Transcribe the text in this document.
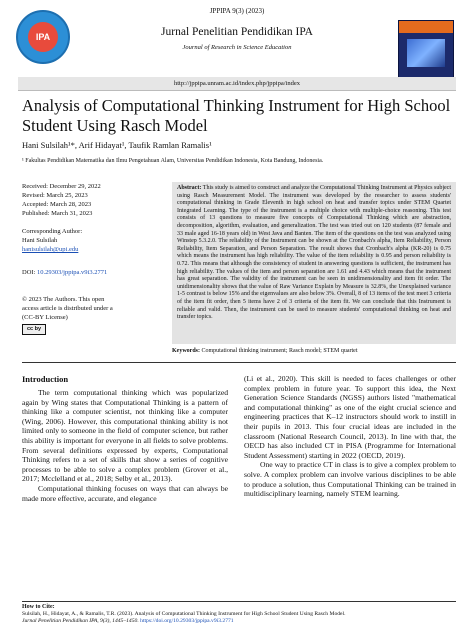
IPA
JPPIPA 9(3) (2023)
Jurnal Penelitian Pendidikan IPA
Journal of Research in Science Education
http://jppipa.unram.ac.id/index.php/jppipa/index
Analysis of Computational Thinking Instrument for High School Student Using Rasch Model
Hani Sulsilah¹*, Arif Hidayat¹, Taufik Ramlan Ramalis¹
¹ Fakultas Pendidikan Matematika dan Ilmu Pengetahuan Alam, Universitas Pendidikan Indonesia, Kota Bandung, Indonesia.

Received: December 29, 2022

Revised: March 25, 2023

Accepted: March 28, 2023

Published: March 31, 2023

Corresponding Author:

Hani Sulsilah

hanisulsilah@upi.edu

DOI: 10.29303/jppipa.v9i3.2771

© 2023 The Authors. This open access article is distributed under a (CC-BY License)

cc by
Abstract: This study is aimed to construct and analyze the Computational Thinking Instrument at Physics subject using Rasch Measurement Model. The instrument was developed by the researcher to assess students' computational thinking in Grade Eleventh in high school on heat and transfer topics under STEM Quartet Integrated Learning. The type of the instrument is a multiple choice with multiple-choice reasoning. This test consists of 13 questions to measure five concepts of Computational Thinking which are abstraction, decomposition, algorithm, evaluation, and generalization. The test was tried out on 120 students (87 female and 33 male aged 16-18 years old) in West Java and Banten. The item of the questions on the test was analyzed using Winstep 5.3.2.0. The reliability of the Instrument can be shown at the Cronbach's alpha, Item Reliability, Person Reliability, Item Separation, and Person Separation. The result shows that Cronbach's alpha (KR-20) is 0.75 which means the instrument has high reliability. The value of the item reliability is 0.95 and person reliability is 0.72. This means that although the consistency of student in answering questions is sufficient, the instrument has high reliability. The values of the item and person separation are 1.61 and 4.43 which means that the instrument has great separation. The validity of the instrument can be seen in unidimensionality and item fit order. The unidimensionality shows that the value of Raw Variance Explain by Measure is 32.8%, the Unexplained variance 1-5 contrast is below 15% and the eigenvalues are also below 3%. Overall, 8 of 13 items of the test meet 3 criteria of the item fit order, then 5 items have 2 of 3 criteria of the item fit. We can conclude that this Instrument is reliable and valid. Then, the instrument can be used to measure students' computational thinking on heat and transfer topics.
Keywords: Computational thinking instrument; Rasch model; STEM quartet
Introduction

The term computational thinking which was popularized again by Wing states that Computational Thinking is a pattern of thinking like a computer scientist, not thinking like a computer (Wing, 2006). However, this computational thinking ability is not limited only to someone in the field of computer science, but rather this ability is important for everyone in all fields to solve problems. From several definitions expressed by experts, Computational Thinking refers to a set of skills that show a series of cognitive processes to be able to solve a complex problem (Grover et al., 2017; Mcclelland et al., 2018; Selby et al., 2013).

Computational thinking focuses on ways that can always be made more effective, accurate, and elegance

(Li et al., 2020). This skill is needed to faces challenges or other complex problem in future year. To support this idea, the Next Generation Science Standards (NGSS) authors listed "mathematical and computational thinking" as one of the eight crucial science and engineering practices that K–12 instructors should work to instill in their pupils in 2013. This four crucial ideas are included in the classroom (National Research Council, 2013). In line with that, the OECD has also included CT in PISA (Programme for International Student Assessment) starting in 2022 (OECD, 2019).

One way to practice CT in class is to give a complex problem to solve. A complex problem can involve various disciplines to be able to produce a solution, thus Computational Thinking can be trained in multidisciplinary learning, namely STEM learning.

How to Cite:
Sulsilah, H., Hidayat, A., & Ramalis, T.R. (2023). Analysis of Computational Thinking Instrument for High School Student Using Rasch Model.
Jurnal Penelitian Pendidikan IPA, 9(3), 1445–1450. https://doi.org/10.29303/jppipa.v9i3.2771
